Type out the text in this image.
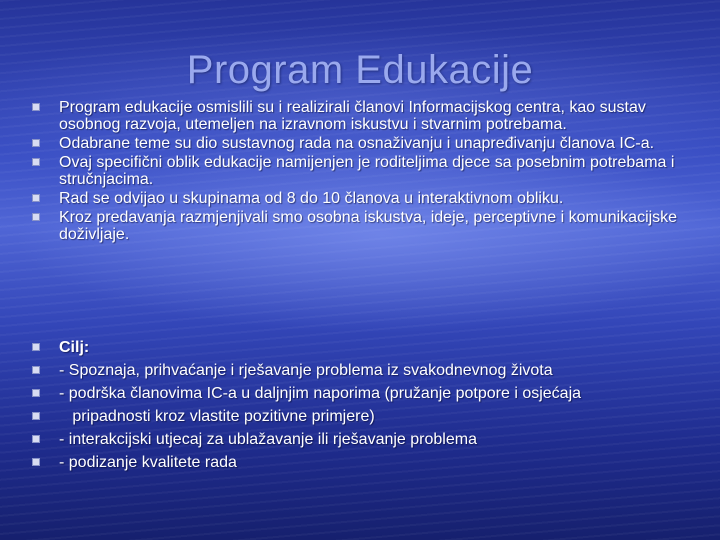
Program Edukacije
Program edukacije osmislili su i realizirali članovi Informacijskog centra, kao sustav osobnog razvoja, utemeljen na izravnom iskustvu i stvarnim potrebama.
Odabrane teme su dio sustavnog rada na osnaživanju i unapređivanju članova IC-a.
Ovaj specifični oblik edukacije namijenjen je roditeljima djece sa posebnim potrebama i stručnjacima.
Rad se odvijao u skupinama od 8 do 10 članova u interaktivnom obliku.
Kroz predavanja razmjenjivali smo osobna iskustva, ideje, perceptivne i komunikacijske doživljaje.
Cilj:
- Spoznaja, prihvaćanje i rješavanje problema iz svakodnevnog života
- podrška članovima IC-a u daljnjim naporima (pružanje potpore i osjećaja
pripadnosti kroz vlastite pozitivne primjere)
- interakcijski utjecaj za ublažavanje ili rješavanje problema
- podizanje kvalitete rada
